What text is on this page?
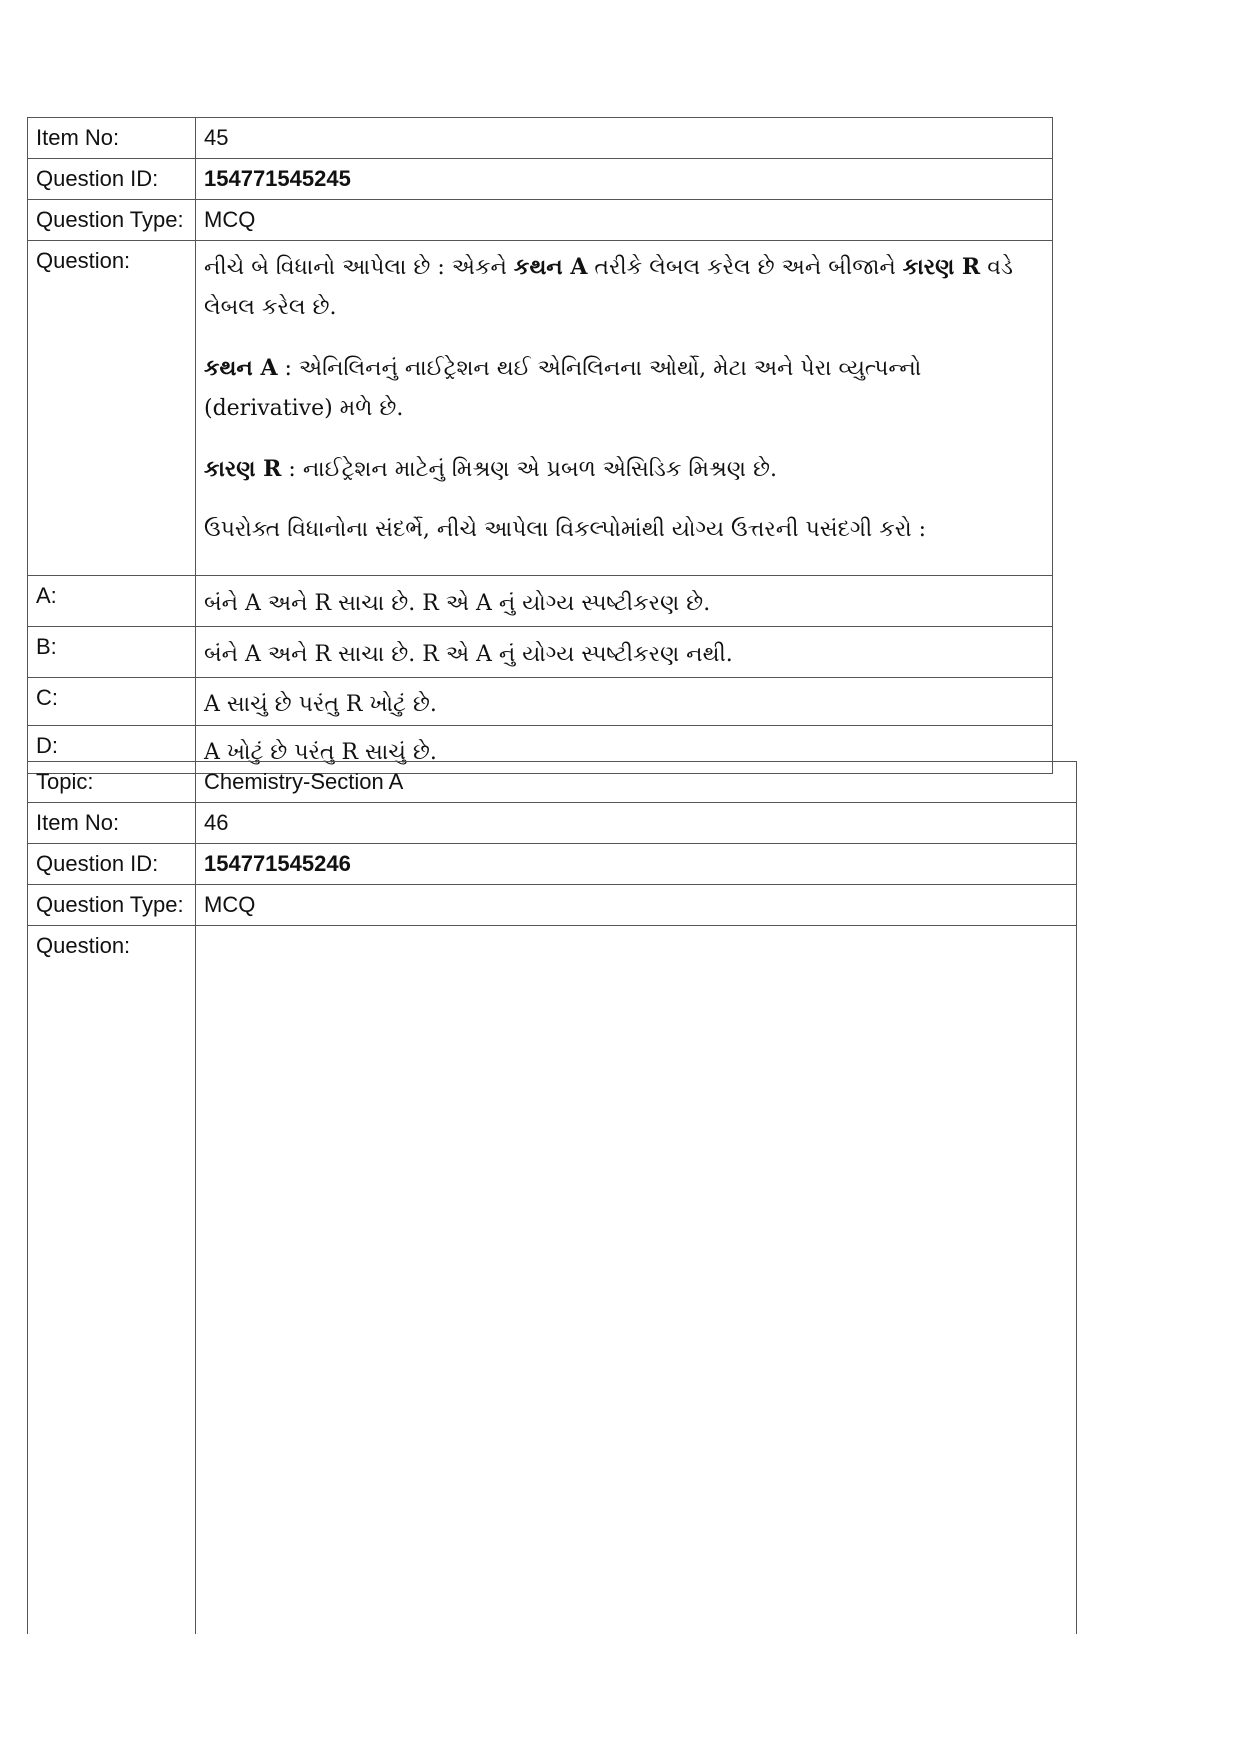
Item No:	45
Question ID:	154771545245
Question Type:	MCQ
Question:	નીચે બે વિધાનો આપેલા છે : એકને કથન A તરીકે લેબલ કરેલ છે અને બીજાને કારણ R વડે લેબલ કરેલ છે.

કથન A : એનિલિનનું નાઈટ્રેશન થઈ એનિલિનના ઓર્થો, મેટા અને પેરા વ્યુત્પન્નો (derivative) મળે છે.

કારણ R : નાઈટ્રેશન માટેનું મિશ્રણ એ પ્રબળ એસિડિક મિશ્રણ છે.

ઉપરોક્ત વિધાનોના સંદર્ભે, નીચે આપેલા વિકલ્પોમાંથી યોગ્ય ઉત્તરની પસંદગી કરો :

A:	બંને A અને R સાચા છે. R એ A નું યોગ્ય સ્પષ્ટીકરણ છે.
B:	બંને A અને R સાચા છે. R એ A નું યોગ્ય સ્પષ્ટીકરણ નથી.
C:	A સાચું છે પરંતુ R ખોટું છે.
D:	A ખોટું છે પરંતુ R સાચું છે.
Topic:	Chemistry-Section A
Item No:	46
Question ID:	154771545246
Question Type:	MCQ
Question:	
